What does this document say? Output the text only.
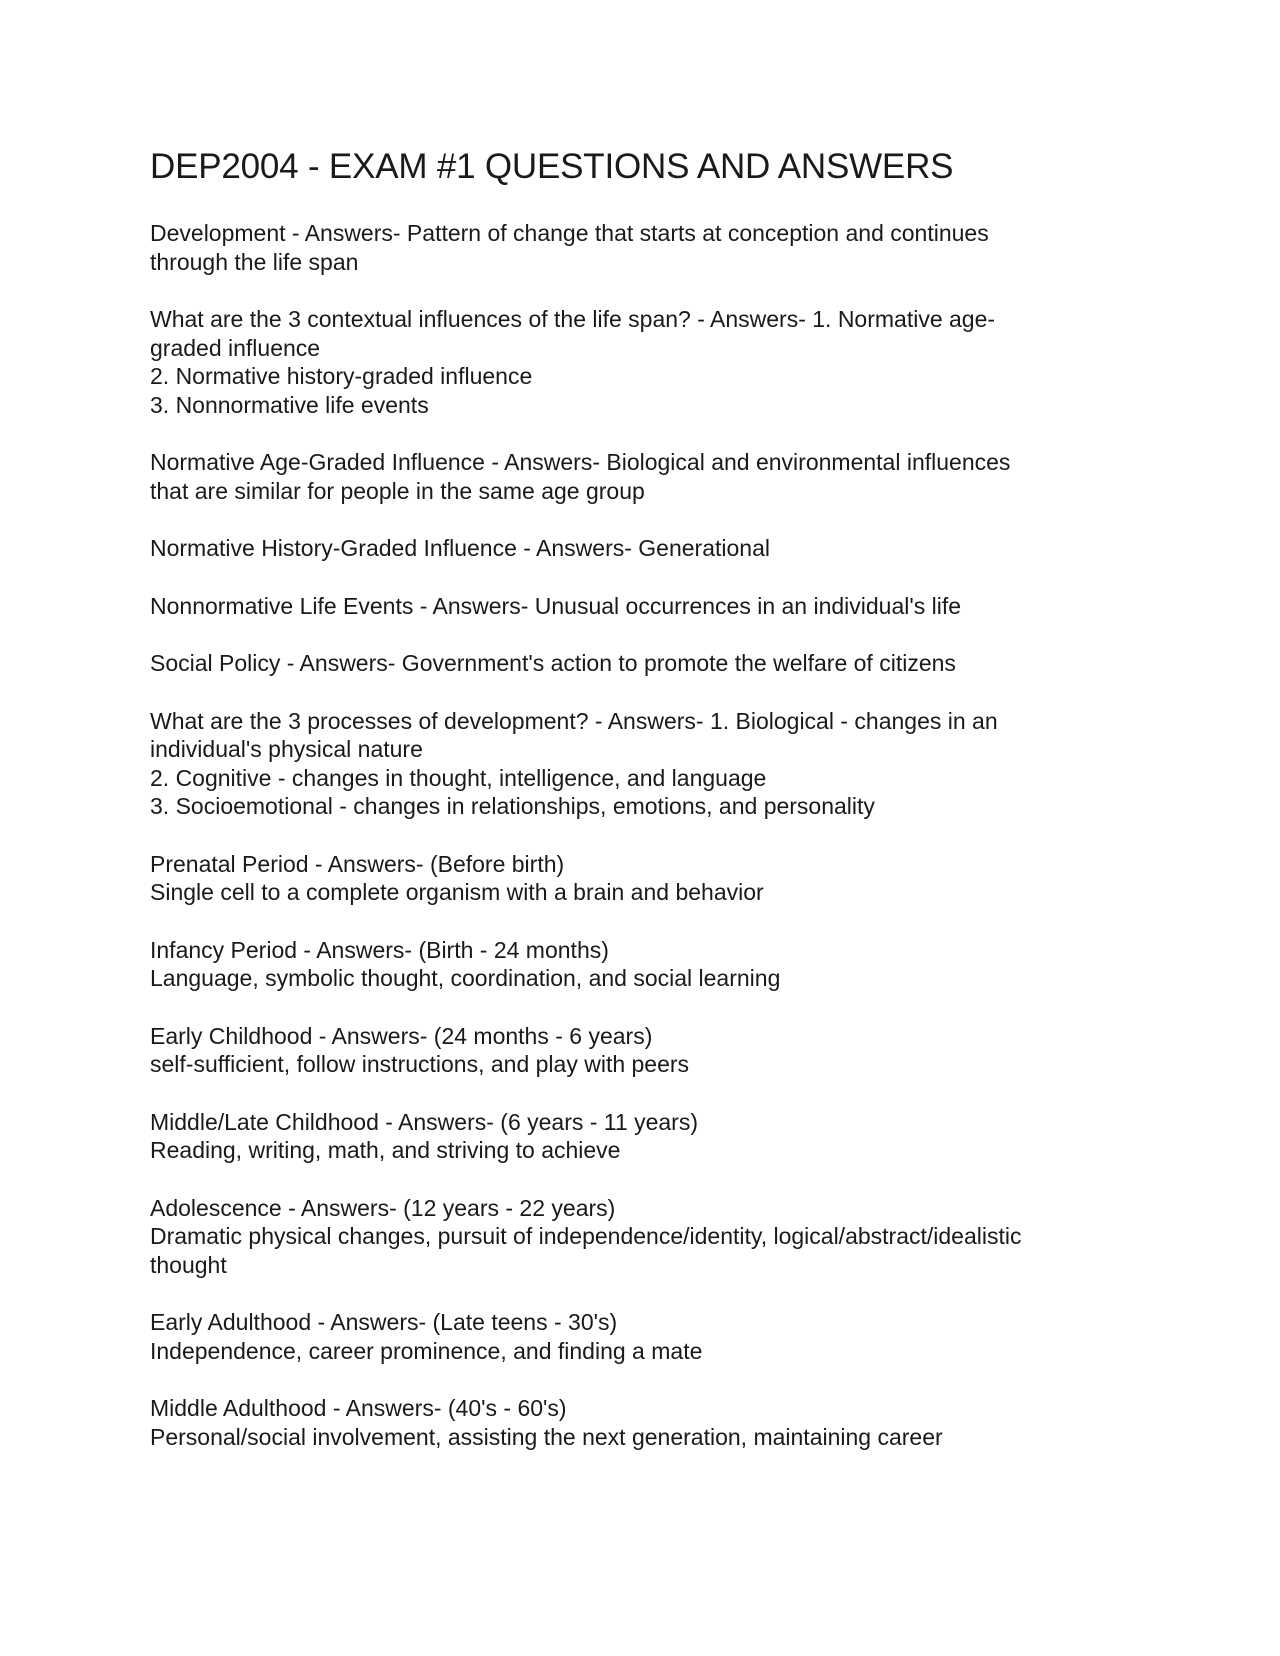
DEP2004 - EXAM #1 QUESTIONS AND ANSWERS
Development - Answers- Pattern of change that starts at conception and continues
through the life span
What are the 3 contextual influences of the life span? - Answers- 1. Normative age-
graded influence
2. Normative history-graded influence
3. Nonnormative life events
Normative Age-Graded Influence - Answers- Biological and environmental influences
that are similar for people in the same age group
Normative History-Graded Influence - Answers- Generational
Nonnormative Life Events - Answers- Unusual occurrences in an individual's life
Social Policy - Answers- Government's action to promote the welfare of citizens
What are the 3 processes of development? - Answers- 1. Biological - changes in an
individual's physical nature
2. Cognitive - changes in thought, intelligence, and language
3. Socioemotional - changes in relationships, emotions, and personality
Prenatal Period - Answers- (Before birth)
Single cell to a complete organism with a brain and behavior
Infancy Period - Answers- (Birth - 24 months)
Language, symbolic thought, coordination, and social learning
Early Childhood - Answers- (24 months - 6 years)
self-sufficient, follow instructions, and play with peers
Middle/Late Childhood - Answers- (6 years - 11 years)
Reading, writing, math, and striving to achieve
Adolescence - Answers- (12 years - 22 years)
Dramatic physical changes, pursuit of independence/identity, logical/abstract/idealistic
thought
Early Adulthood - Answers- (Late teens - 30's)
Independence, career prominence, and finding a mate
Middle Adulthood - Answers- (40's - 60's)
Personal/social involvement, assisting the next generation, maintaining career
